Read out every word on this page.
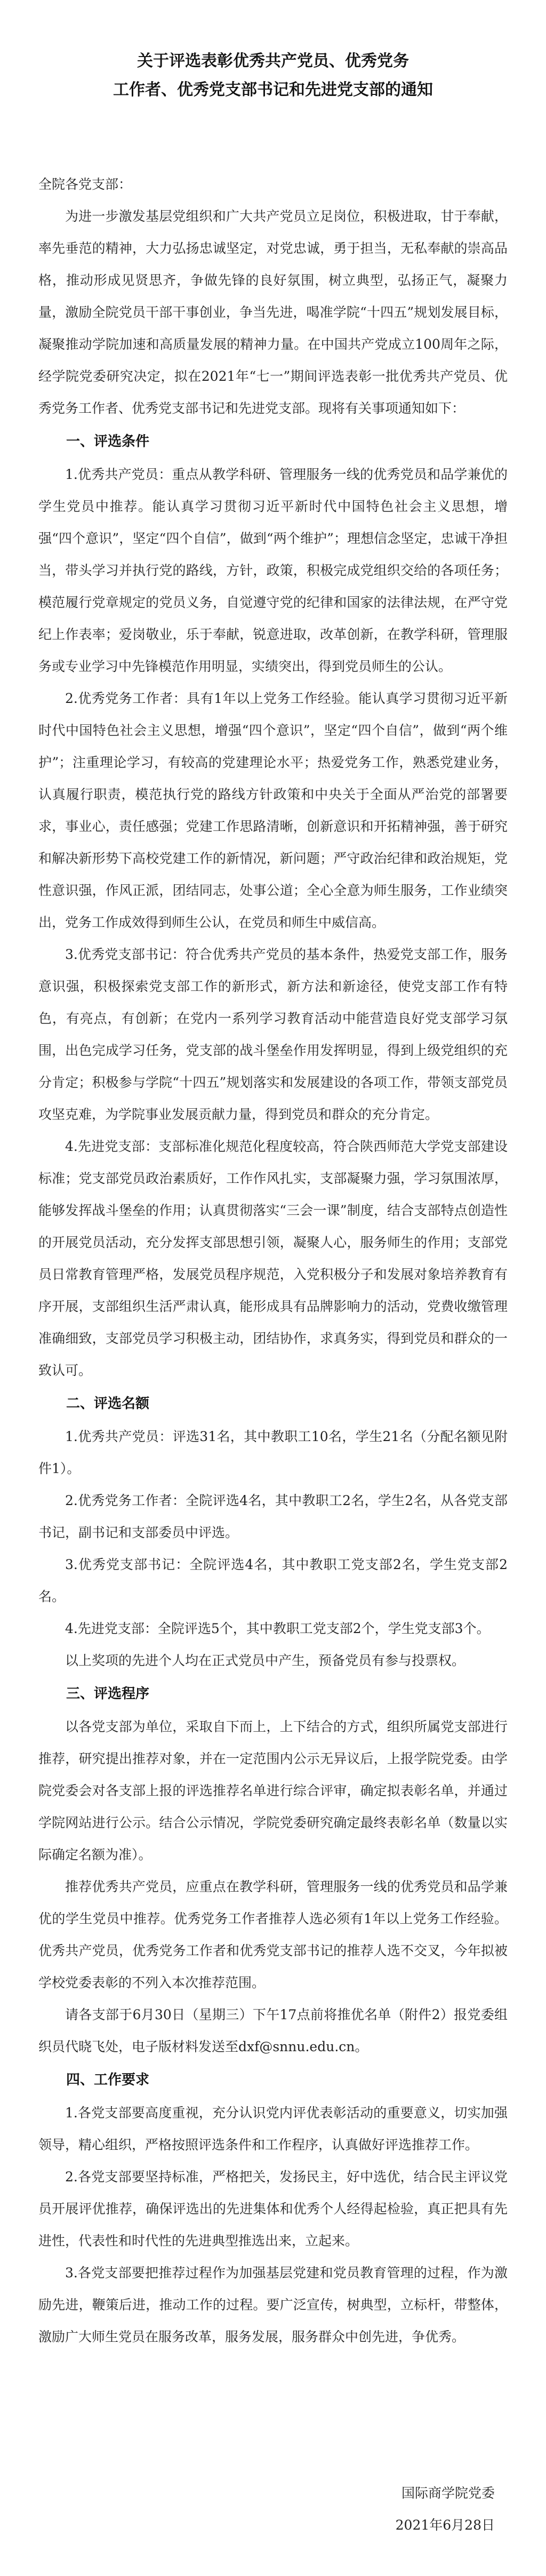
关于评选表彰优秀共产党员、优秀党务
工作者、优秀党支部书记和先进党支部的通知
全院各党支部：

为进一步激发基层党组织和广大共产党员立足岗位，积极进取，甘于奉献，率先垂范的精神，大力弘扬忠诚坚定，对党忠诚，勇于担当，无私奉献的崇高品格，推动形成见贤思齐，争做先锋的良好氛围，树立典型，弘扬正气，凝聚力量，激励全院党员干部干事创业，争当先进，喝准学院“十四五”规划发展目标，凝聚推动学院加速和高质量发展的精神力量。在中国共产党成立100周年之际，经学院党委研究决定，拟在2021年“七一”期间评选表彰一批优秀共产党员、优秀党务工作者、优秀党支部书记和先进党支部。现将有关事项通知如下：

一、评选条件

1.优秀共产党员：重点从教学科研、管理服务一线的优秀党员和品学兼优的学生党员中推荐。能认真学习贯彻习近平新时代中国特色社会主义思想，增强“四个意识”，坚定“四个自信”，做到“两个维护”；理想信念坚定，忠诚干净担当，带头学习并执行党的路线，方针，政策，积极完成党组织交给的各项任务；模范履行党章规定的党员义务，自觉遵守党的纪律和国家的法律法规，在严守党纪上作表率；爱岗敬业，乐于奉献，锐意进取，改革创新，在教学科研，管理服务或专业学习中先锋模范作用明显，实绩突出，得到党员师生的公认。

2.优秀党务工作者：具有1年以上党务工作经验。能认真学习贯彻习近平新时代中国特色社会主义思想，增强“四个意识”，坚定“四个自信”，做到“两个维护”；注重理论学习，有较高的党建理论水平；热爱党务工作，熟悉党建业务，认真履行职责，模范执行党的路线方针政策和中央关于全面从严治党的部署要求，事业心，责任感强；党建工作思路清晰，创新意识和开拓精神强，善于研究和解决新形势下高校党建工作的新情况，新问题；严守政治纪律和政治规矩，党性意识强，作风正派，团结同志，处事公道；全心全意为师生服务，工作业绩突出，党务工作成效得到师生公认，在党员和师生中威信高。

3.优秀党支部书记：符合优秀共产党员的基本条件，热爱党支部工作，服务意识强，积极探索党支部工作的新形式，新方法和新途径，使党支部工作有特色，有亮点，有创新；在党内一系列学习教育活动中能营造良好党支部学习氛围，出色完成学习任务，党支部的战斗堡垒作用发挥明显，得到上级党组织的充分肯定；积极参与学院“十四五”规划落实和发展建设的各项工作，带领支部党员攻坚克难，为学院事业发展贡献力量，得到党员和群众的充分肯定。

4.先进党支部：支部标准化规范化程度较高，符合陕西师范大学党支部建设标准；党支部党员政治素质好，工作作风扎实，支部凝聚力强，学习氛围浓厚，能够发挥战斗堡垒的作用；认真贯彻落实“三会一课”制度，结合支部特点创造性的开展党员活动，充分发挥支部思想引领，凝聚人心，服务师生的作用；支部党员日常教育管理严格，发展党员程序规范，入党积极分子和发展对象培养教育有序开展，支部组织生活严肃认真，能形成具有品牌影响力的活动，党费收缴管理准确细致，支部党员学习积极主动，团结协作，求真务实，得到党员和群众的一致认可。

二、评选名额

1.优秀共产党员：评选31名，其中教职工10名，学生21名（分配名额见附件1）。

2.优秀党务工作者：全院评选4名，其中教职工2名，学生2名，从各党支部书记，副书记和支部委员中评选。

3.优秀党支部书记：全院评选4名，其中教职工党支部2名，学生党支部2名。

4.先进党支部：全院评选5个，其中教职工党支部2个，学生党支部3个。

以上奖项的先进个人均在正式党员中产生，预备党员有参与投票权。

三、评选程序

以各党支部为单位，采取自下而上，上下结合的方式，组织所属党支部进行推荐，研究提出推荐对象，并在一定范围内公示无异议后，上报学院党委。由学院党委会对各支部上报的评选推荐名单进行综合评审，确定拟表彰名单，并通过学院网站进行公示。结合公示情况，学院党委研究确定最终表彰名单（数量以实际确定名额为准）。

推荐优秀共产党员，应重点在教学科研，管理服务一线的优秀党员和品学兼优的学生党员中推荐。优秀党务工作者推荐人选必须有1年以上党务工作经验。优秀共产党员，优秀党务工作者和优秀党支部书记的推荐人选不交叉，今年拟被学校党委表彰的不列入本次推荐范围。

请各支部于6月30日（星期三）下午17点前将推优名单（附件2）报党委组织员代晓飞处，电子版材料发送至dxf@snnu.edu.cn。

四、工作要求

1.各党支部要高度重视，充分认识党内评优表彰活动的重要意义，切实加强领导，精心组织，严格按照评选条件和工作程序，认真做好评选推荐工作。

2.各党支部要坚持标准，严格把关，发扬民主，好中选优，结合民主评议党员开展评优推荐，确保评选出的先进集体和优秀个人经得起检验，真正把具有先进性，代表性和时代性的先进典型推选出来，立起来。

3.各党支部要把推荐过程作为加强基层党建和党员教育管理的过程，作为激励先进，鞭策后进，推动工作的过程。要广泛宣传，树典型，立标杆，带整体，激励广大师生党员在服务改革，服务发展，服务群众中创先进，争优秀。

国际商学院党委
2021年6月28日
